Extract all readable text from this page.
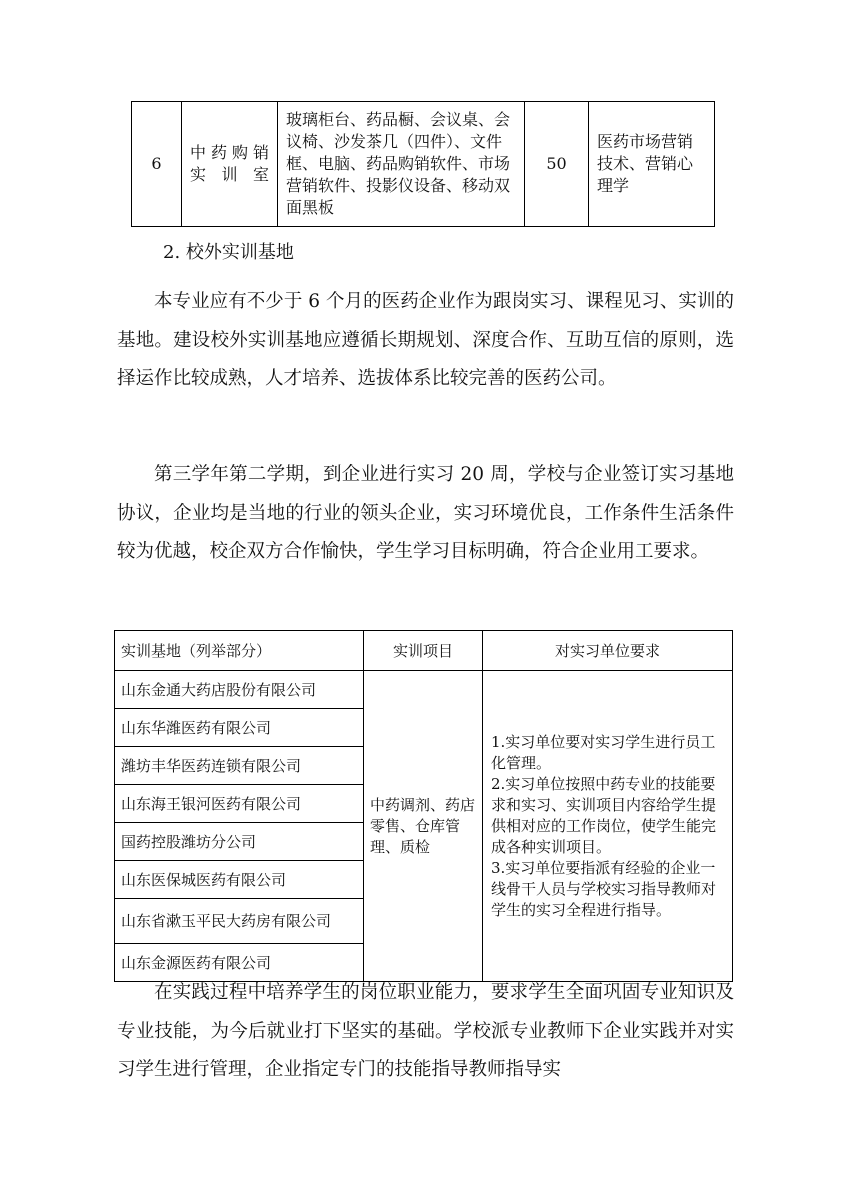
6	中药购销实训室	玻璃柜台、药品橱、会议桌、会议椅、沙发茶几（四件）、文件框、电脑、药品购销软件、市场营销软件、投影仪设备、移动双面黑板	50	医药市场营销技术、营销心理学
2. 校外实训基地

本专业应有不少于 6 个月的医药企业作为跟岗实习、课程见习、实训的基地。建设校外实训基地应遵循长期规划、深度合作、互助互信的原则，选择运作比较成熟，人才培养、选拔体系比较完善的医药公司。

第三学年第二学期，到企业进行实习 20 周，学校与企业签订实习基地协议，企业均是当地的行业的领头企业，实习环境优良，工作条件生活条件较为优越，校企双方合作愉快，学生学习目标明确，符合企业用工要求。

实训基地（列举部分）	实训项目	对实习单位要求
山东金通大药店股份有限公司	中药调剂、药店零售、仓库管理、质检	1.实习单位要对实习学生进行员工化管理。
2.实习单位按照中药专业的技能要求和实习、实训项目内容给学生提供相对应的工作岗位，使学生能完成各种实训项目。
3.实习单位要指派有经验的企业一线骨干人员与学校实习指导教师对学生的实习全程进行指导。

山东华潍医药有限公司		
潍坊丰华医药连锁有限公司		
山东海王银河医药有限公司		
国药控股潍坊分公司		
山东医保城医药有限公司		
山东省漱玉平民大药房有限公司		
山东金源医药有限公司		

在实践过程中培养学生的岗位职业能力，要求学生全面巩固专业知识及专业技能，为今后就业打下坚实的基础。学校派专业教师下企业实践并对实习学生进行管理，企业指定专门的技能指导教师指导实
